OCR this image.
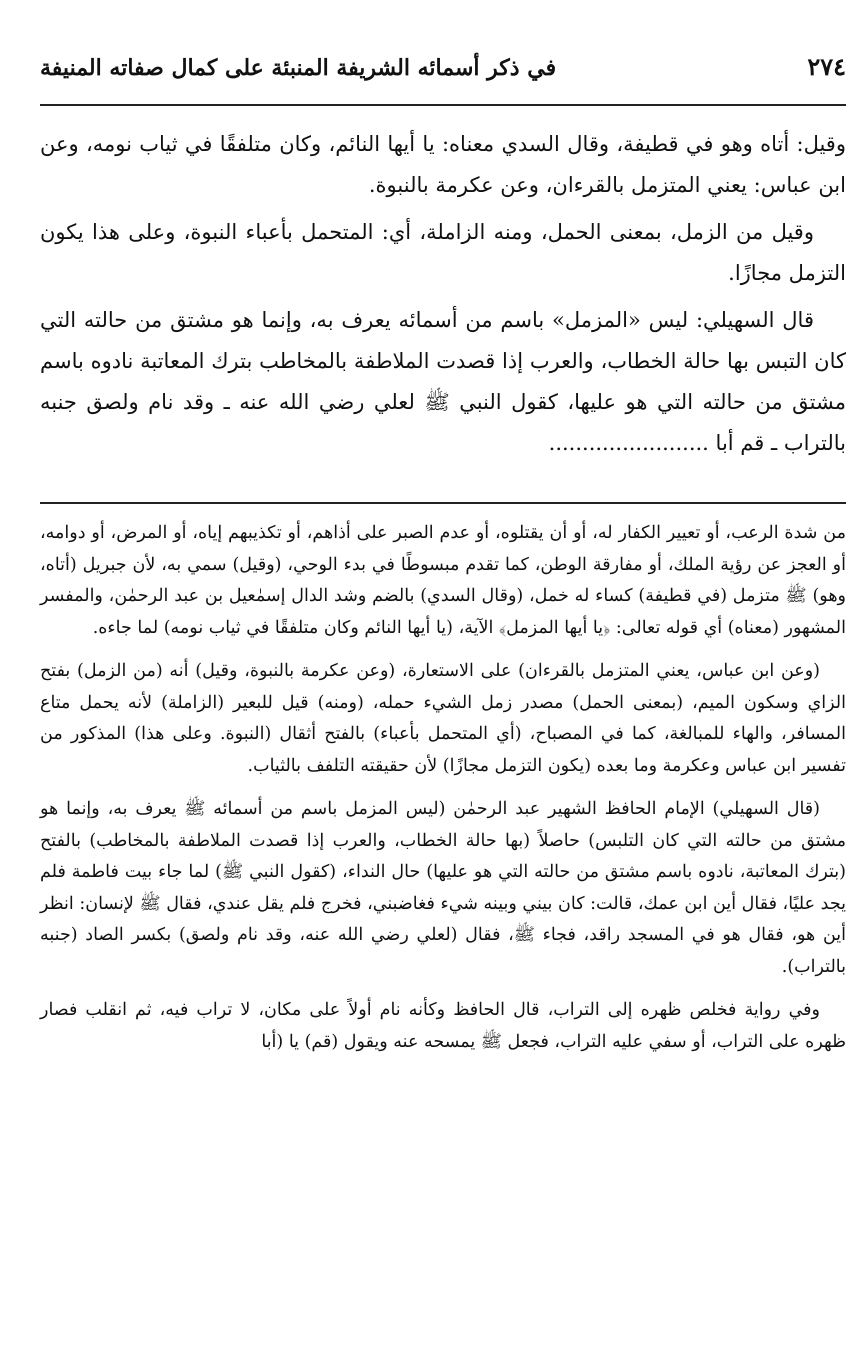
٢٧٤
في ذكر أسمائه الشريفة المنبئة على كمال صفاته المنيفة

وقيل: أتاه وهو في قطيفة، وقال السدي معناه: يا أيها النائم، وكان متلفقًا في ثياب نومه، وعن ابن عباس: يعني المتزمل بالقرءان، وعن عكرمة بالنبوة.

وقيل من الزمل، بمعنى الحمل، ومنه الزاملة، أي: المتحمل بأعباء النبوة، وعلى هذا يكون التزمل مجازًا.

قال السهيلي: ليس «المزمل» باسم من أسمائه يعرف به، وإنما هو مشتق من حالته التي كان التبس بها حالة الخطاب، والعرب إذا قصدت الملاطفة بالمخاطب بترك المعاتبة نادوه باسم مشتق من حالته التي هو عليها، كقول النبي ﷺ لعلي رضي الله عنه ـ وقد نام ولصق جنبه بالتراب ـ قم أبا ........................

من شدة الرعب، أو تعيير الكفار له، أو أن يقتلوه، أو عدم الصبر على أذاهم، أو تكذيبهم إياه، أو المرض، أو دوامه، أو العجز عن رؤية الملك، أو مفارقة الوطن، كما تقدم مبسوطًا في بدء الوحي، (وقيل) سمي به، لأن جبريل (أتاه، وهو) ﷺ متزمل (في قطيفة) كساء له خمل، (وقال السدي) بالضم وشد الدال إسمٰعيل بن عبد الرحمٰن، والمفسر المشهور (معناه) أي قوله تعالى: ﴿يا أيها المزمل﴾ الآية، (يا أيها النائم وكان متلفقًا في ثياب نومه) لما جاءه.

(وعن ابن عباس، يعني المتزمل بالقرءان) على الاستعارة، (وعن عكرمة بالنبوة، وقيل) أنه (من الزمل) بفتح الزاي وسكون الميم، (بمعنى الحمل) مصدر زمل الشيء حمله، (ومنه) قيل للبعير (الزاملة) لأنه يحمل متاع المسافر، والهاء للمبالغة، كما في المصباح، (أي المتحمل بأعباء) بالفتح أثقال (النبوة. وعلى هذا) المذكور من تفسير ابن عباس وعكرمة وما بعده (يكون التزمل مجازًا) لأن حقيقته التلفف بالثياب.

(قال السهيلي) الإمام الحافظ الشهير عبد الرحمٰن (ليس المزمل باسم من أسمائه ﷺ يعرف به، وإنما هو مشتق من حالته التي كان التلبس) حاصلاً (بها حالة الخطاب، والعرب إذا قصدت الملاطفة بالمخاطب) بالفتح (بترك المعاتبة، نادوه باسم مشتق من حالته التي هو عليها) حال النداء، (كقول النبي ﷺ) لما جاء بيت فاطمة فلم يجد عليًا، فقال أين ابن عمك، قالت: كان بيني وبينه شيء فغاضبني، فخرج فلم يقل عندي، فقال ﷺ لإنسان: انظر أين هو، فقال هو في المسجد راقد، فجاء ﷺ، فقال (لعلي رضي الله عنه، وقد نام ولصق) بكسر الصاد (جنبه بالتراب).

وفي رواية فخلص ظهره إلى التراب، قال الحافظ وكأنه نام أولاً على مكان، لا تراب فيه، ثم انقلب فصار ظهره على التراب، أو سفي عليه التراب، فجعل ﷺ يمسحه عنه ويقول (قم) يا (أبا
